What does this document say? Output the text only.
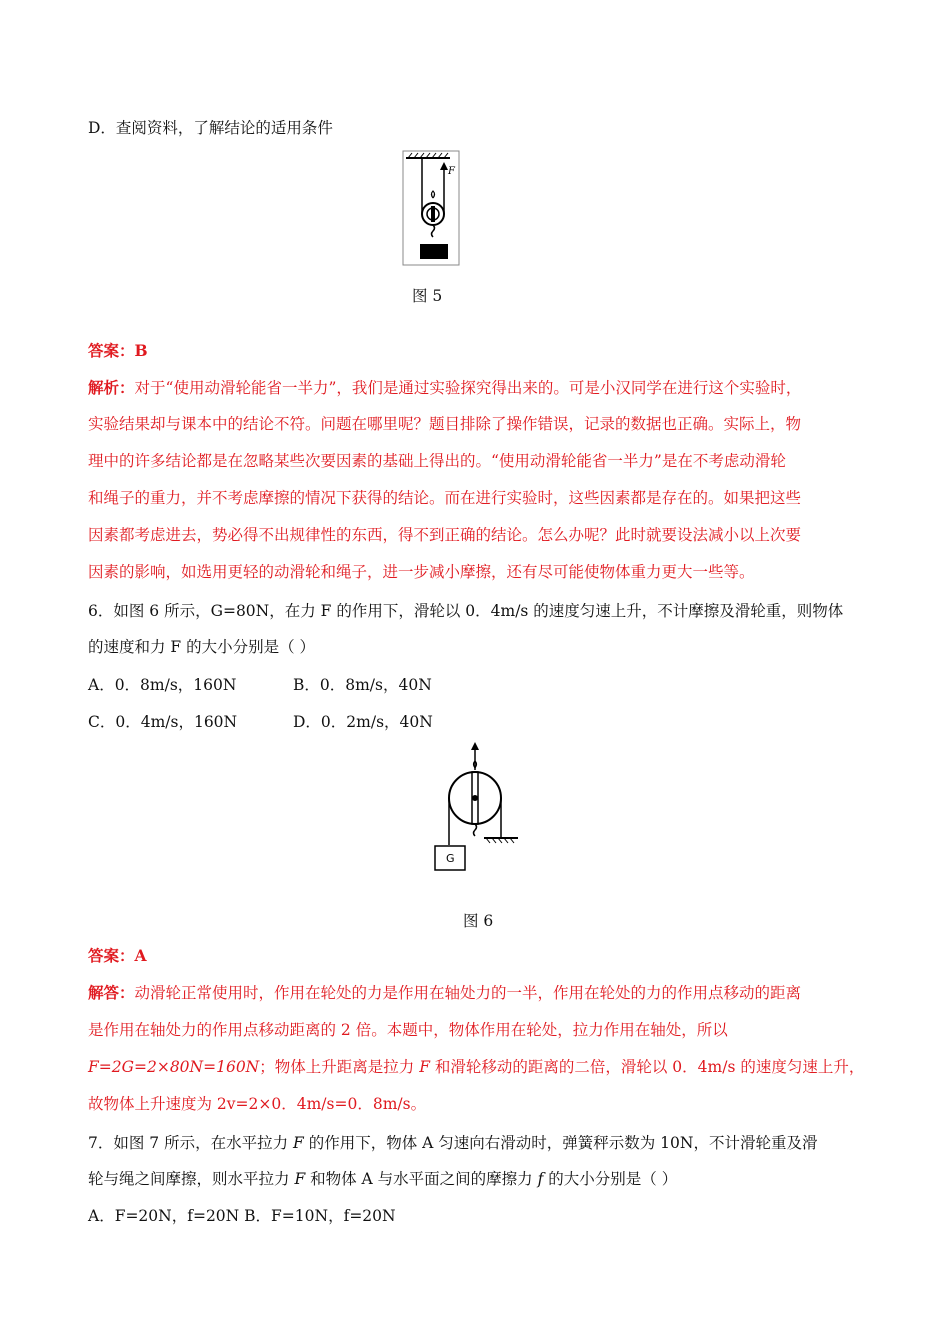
D．查阅资料，了解结论的适用条件
F
图 5
答案：B
解析：对于“使用动滑轮能省一半力”，我们是通过实验探究得出来的。可是小汉同学在进行这个实验时，
实验结果却与课本中的结论不符。问题在哪里呢？题目排除了操作错误，记录的数据也正确。实际上，物
理中的许多结论都是在忽略某些次要因素的基础上得出的。“使用动滑轮能省一半力”是在不考虑动滑轮
和绳子的重力，并不考虑摩擦的情况下获得的结论。而在进行实验时，这些因素都是存在的。如果把这些
因素都考虑进去，势必得不出规律性的东西，得不到正确的结论。怎么办呢？此时就要设法减小以上次要
因素的影响，如选用更轻的动滑轮和绳子，进一步减小摩擦，还有尽可能使物体重力更大一些等。
6．如图 6 所示，G=80N，在力 F 的作用下，滑轮以 0．4m/s 的速度匀速上升，不计摩擦及滑轮重，则物体
的速度和力 F 的大小分别是（ ）
A．0．8m/s，160N	B．0．8m/s，40N
C．0．4m/s，160N	D．0．2m/s，40N
G
图 6
答案：A
解答：动滑轮正常使用时，作用在轮处的力是作用在轴处力的一半，作用在轮处的力的作用点移动的距离
是作用在轴处力的作用点移动距离的 2 倍。本题中，物体作用在轮处，拉力作用在轴处，所以
F=2G=2×80N=160N；物体上升距离是拉力 F 和滑轮移动的距离的二倍，滑轮以 0．4m/s 的速度匀速上升，
故物体上升速度为 2v=2×0．4m/s=0．8m/s。
7．如图 7 所示，在水平拉力 F 的作用下，物体 A 匀速向右滑动时，弹簧秤示数为 10N，不计滑轮重及滑
轮与绳之间摩擦，则水平拉力 F 和物体 A 与水平面之间的摩擦力 f 的大小分别是（ ）
A．F=20N，f=20N B．F=10N，f=20N
